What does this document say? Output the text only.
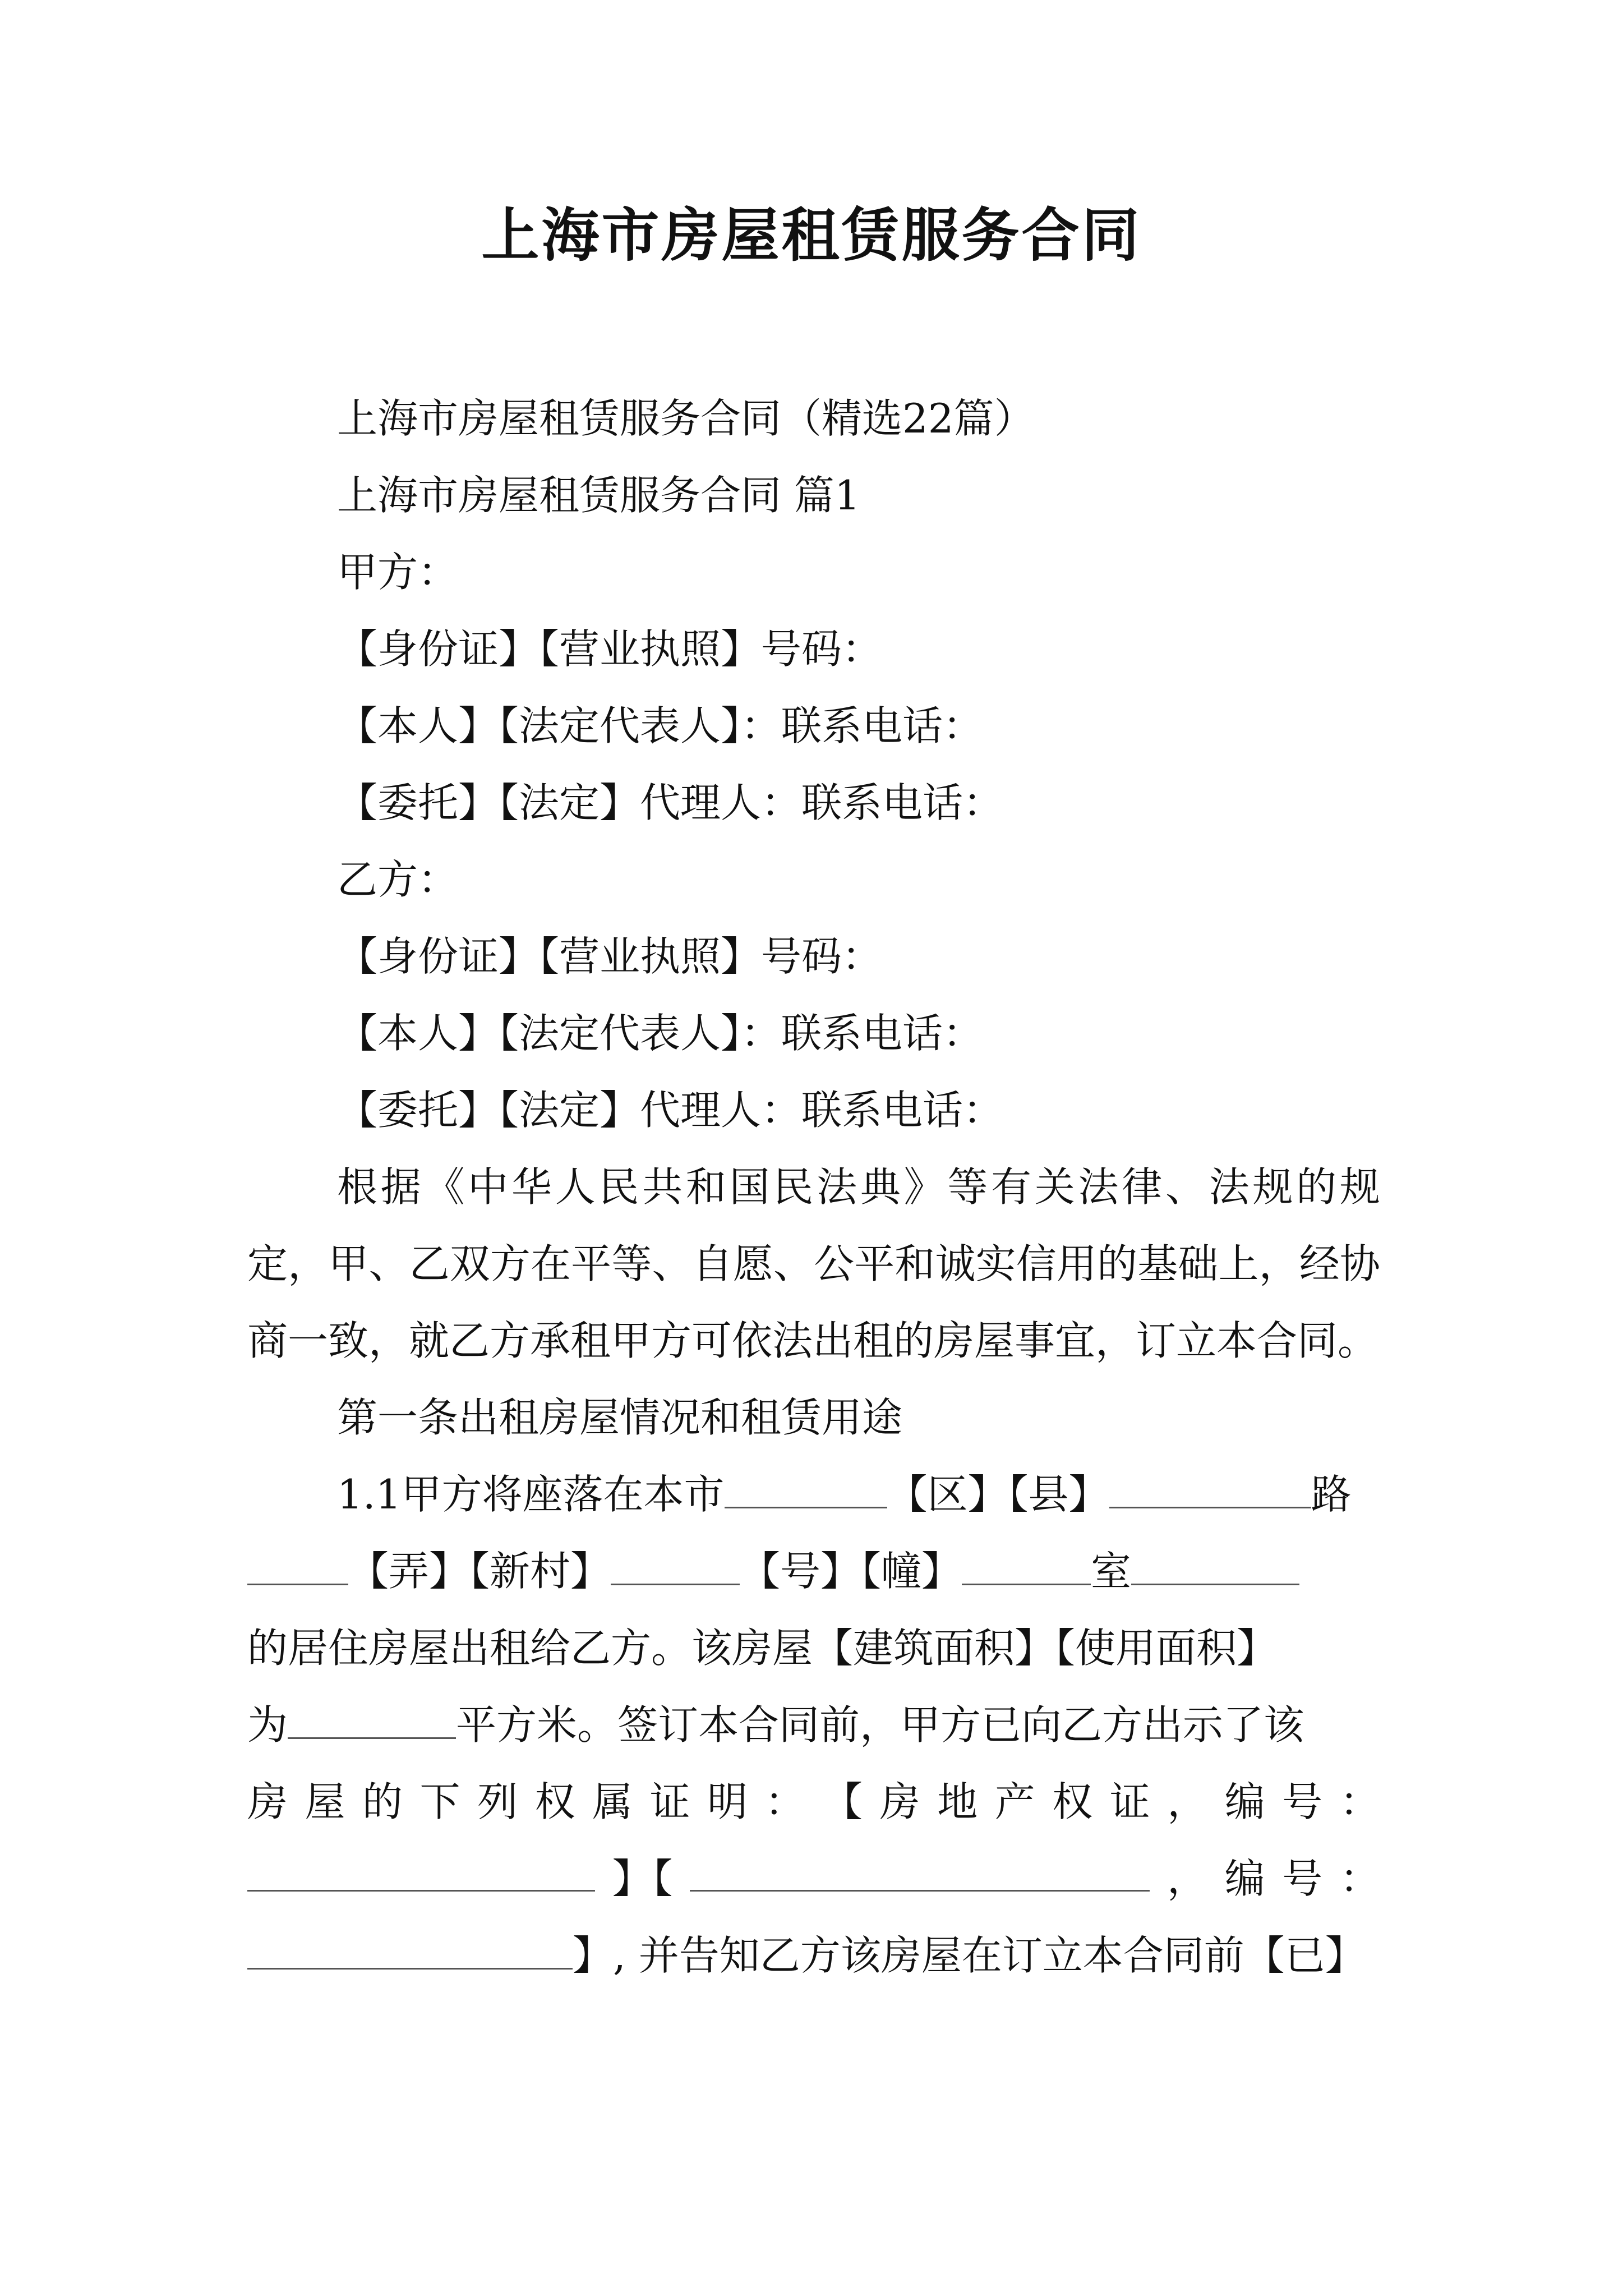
上海市房屋租赁服务合同
上海市房屋租赁服务合同（精选22篇）
上海市房屋租赁服务合同 篇1
甲方：
【身份证】【营业执照】号码：
【本人】【法定代表人】：联系电话：
【委托】【法定】代理人：联系电话：
乙方：
【身份证】【营业执照】号码：
【本人】【法定代表人】：联系电话：
【委托】【法定】代理人：联系电话：
根据《中华人民共和国民法典》等有关法律、法规的规定，甲、乙双方在平等、自愿、公平和诚实信用的基础上，经协商一致，就乙方承租甲方可依法出租的房屋事宜，订立本合同。
第一条出租房屋情况和租赁用途
1.1甲方将座落在本市	【区】【县】	路
【弄】【新村】	【号】【幢】	室
的居住房屋出租给乙方。该房屋【建筑面积】【使用面积】
为	平方米。签订本合同前，甲方已向乙方出示了该
房 屋 的 下 列 权 属 证 明 ： 【 房 地 产 权 证 ， 编 号 ：
】【	， 编 号 ：
】, 并告知乙方该房屋在订立本合同前【已】
